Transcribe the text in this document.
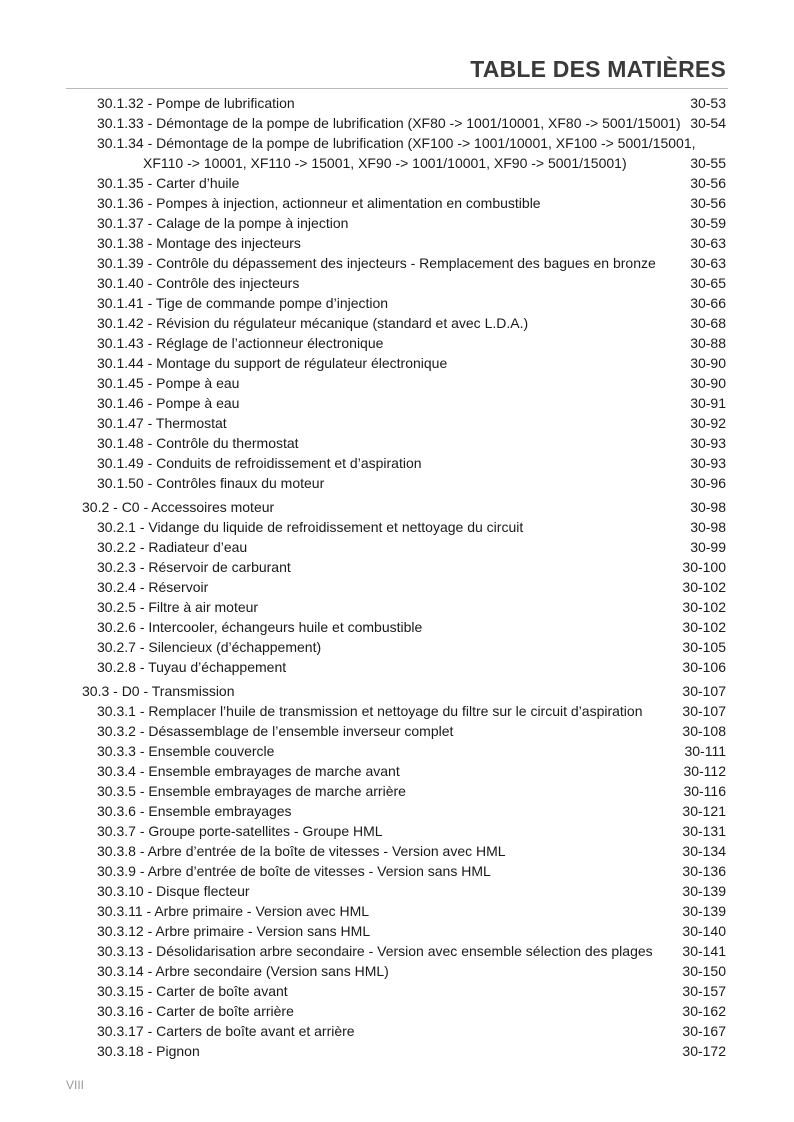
TABLE DES MATIÈRES
30.1.32 - Pompe de lubrification	30-53
30.1.33 - Démontage de la pompe de lubrification (XF80 -> 1001/10001, XF80 -> 5001/15001) 30-54
30.1.34 - Démontage de la pompe de lubrification (XF100 -> 1001/10001, XF100 -> 5001/15001,
XF110 -> 10001, XF110 -> 15001, XF90 -> 1001/10001, XF90 -> 5001/15001)	30-55
30.1.35 - Carter d’huile	30-56
30.1.36 - Pompes à injection, actionneur et alimentation en combustible	30-56
30.1.37 - Calage de la pompe à injection	30-59
30.1.38 - Montage des injecteurs	30-63
30.1.39 - Contrôle du dépassement des injecteurs - Remplacement des bagues en bronze	30-63
30.1.40 - Contrôle des injecteurs	30-65
30.1.41 - Tige de commande pompe d’injection	30-66
30.1.42 - Révision du régulateur mécanique (standard et avec L.D.A.)	30-68
30.1.43 - Réglage de l’actionneur électronique	30-88
30.1.44 - Montage du support de régulateur électronique	30-90
30.1.45 - Pompe à eau	30-90
30.1.46 - Pompe à eau	30-91
30.1.47 - Thermostat	30-92
30.1.48 - Contrôle du thermostat	30-93
30.1.49 - Conduits de refroidissement et d’aspiration	30-93
30.1.50 - Contrôles finaux du moteur	30-96
30.2 - C0 - Accessoires moteur	30-98
30.2.1 - Vidange du liquide de refroidissement et nettoyage du circuit	30-98
30.2.2 - Radiateur d’eau	30-99
30.2.3 - Réservoir de carburant	30-100
30.2.4 - Réservoir	30-102
30.2.5 - Filtre à air moteur	30-102
30.2.6 - Intercooler, échangeurs huile et combustible	30-102
30.2.7 - Silencieux (d’échappement)	30-105
30.2.8 - Tuyau d’échappement	30-106
30.3 - D0 - Transmission	30-107
30.3.1 - Remplacer l’huile de transmission et nettoyage du filtre sur le circuit d’aspiration	30-107
30.3.2 - Désassemblage de l’ensemble inverseur complet	30-108
30.3.3 - Ensemble couvercle	30-111
30.3.4 - Ensemble embrayages de marche avant	30-112
30.3.5 - Ensemble embrayages de marche arrière	30-116
30.3.6 - Ensemble embrayages	30-121
30.3.7 - Groupe porte-satellites - Groupe HML	30-131
30.3.8 - Arbre d’entrée de la boîte de vitesses - Version avec HML	30-134
30.3.9 - Arbre d’entrée de boîte de vitesses - Version sans HML	30-136
30.3.10 - Disque flecteur	30-139
30.3.11 - Arbre primaire - Version avec HML	30-139
30.3.12 - Arbre primaire - Version sans HML	30-140
30.3.13 - Désolidarisation arbre secondaire - Version avec ensemble sélection des plages	30-141
30.3.14 - Arbre secondaire (Version sans HML)	30-150
30.3.15 - Carter de boîte avant	30-157
30.3.16 - Carter de boîte arrière	30-162
30.3.17 - Carters de boîte avant et arrière	30-167
30.3.18 - Pignon	30-172
VIII
